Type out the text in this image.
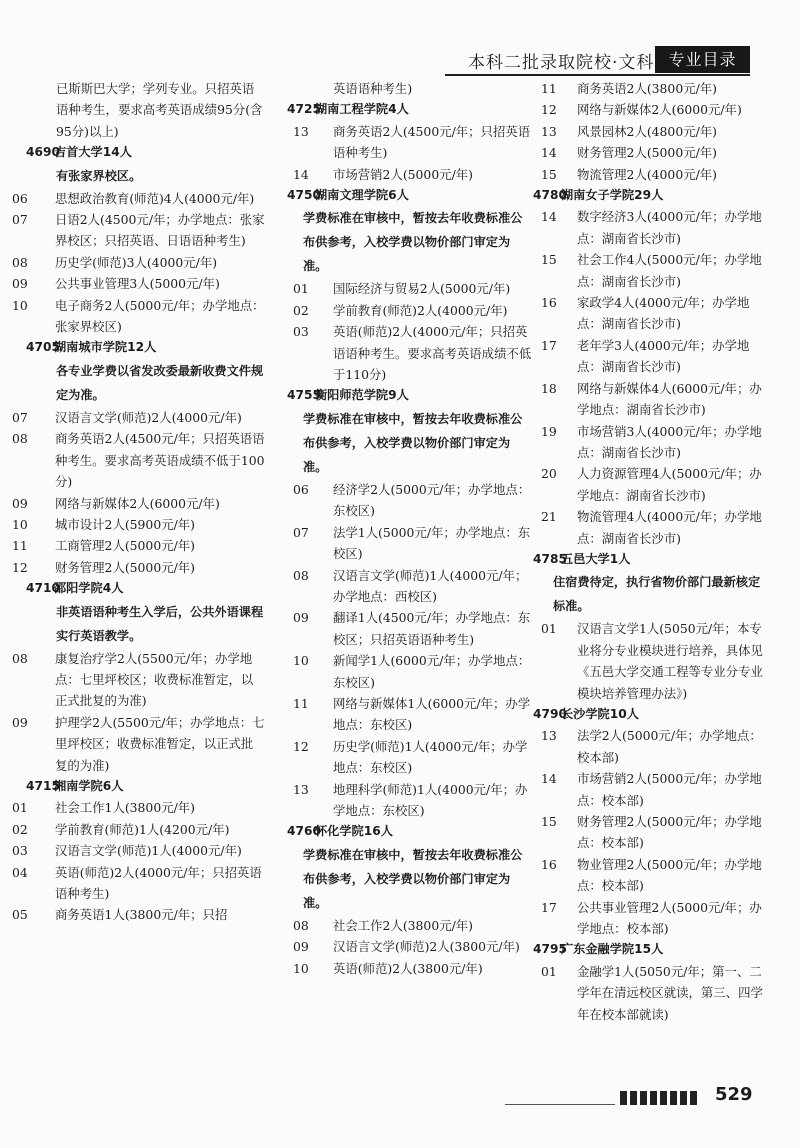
本科二批录取院校·文科 专业目录
⁣
已斯斯巴大学；学列专业。只招英语语种考生，要求高考英语成绩95分(含95分)以上)
4690
吉首大学14人
有张家界校区。
06	思想政治教育(师范)4人(4000元/年)
07	日语2人(4500元/年；办学地点：张家界校区；只招英语、日语语种考生)
08	历史学(师范)3人(4000元/年)
09	公共事业管理3人(5000元/年)
10	电子商务2人(5000元/年；办学地点：张家界校区)
4705
湖南城市学院12人
各专业学费以省发改委最新收费文件规定为准。
07	汉语言文学(师范)2人(4000元/年)
08	商务英语2人(4500元/年；只招英语语种考生。要求高考英语成绩不低于100分)
09	网络与新媒体2人(6000元/年)
10	城市设计2人(5900元/年)
11	工商管理2人(5000元/年)
12	财务管理2人(5000元/年)
4710
邵阳学院4人
非英语语种考生入学后，公共外语课程实行英语教学。
08	康复治疗学2人(5500元/年；办学地点：七里坪校区；收费标准暂定，以正式批复的为准)
09	护理学2人(5500元/年；办学地点：七里坪校区；收费标准暂定，以正式批复的为准)
4715
湘南学院6人
01	社会工作1人(3800元/年)
02	学前教育(师范)1人(4200元/年)
03	汉语言文学(师范)1人(4000元/年)
04	英语(师范)2人(4000元/年；只招英语语种考生)
05	商务英语1人(3800元/年；只招
英语语种考生)
4725
湖南工程学院4人
13	商务英语2人(4500元/年；只招英语语种考生)
14	市场营销2人(5000元/年)
4750
湖南文理学院6人
学费标准在审核中，暂按去年收费标准公布供参考，入校学费以物价部门审定为准。
01	国际经济与贸易2人(5000元/年)
02	学前教育(师范)2人(4000元/年)
03	英语(师范)2人(4000元/年；只招英语语种考生。要求高考英语成绩不低于110分)
4755
衡阳师范学院9人
学费标准在审核中，暂按去年收费标准公布供参考，入校学费以物价部门审定为准。
06	经济学2人(5000元/年；办学地点：东校区)
07	法学1人(5000元/年；办学地点：东校区)
08	汉语言文学(师范)1人(4000元/年；办学地点：西校区)
09	翻译1人(4500元/年；办学地点：东校区；只招英语语种考生)
10	新闻学1人(6000元/年；办学地点：东校区)
11	网络与新媒体1人(6000元/年；办学地点：东校区)
12	历史学(师范)1人(4000元/年；办学地点：东校区)
13	地理科学(师范)1人(4000元/年；办学地点：东校区)
4760
怀化学院16人
学费标准在审核中，暂按去年收费标准公布供参考，入校学费以物价部门审定为准。
08	社会工作2人(3800元/年)
09	汉语言文学(师范)2人(3800元/年)
10	英语(师范)2人(3800元/年)
11	商务英语2人(3800元/年)
12	网络与新媒体2人(6000元/年)
13	风景园林2人(4800元/年)
14	财务管理2人(5000元/年)
15	物流管理2人(4000元/年)
4780
湖南女子学院29人
14	数字经济3人(4000元/年；办学地点：湖南省长沙市)
15	社会工作4人(5000元/年；办学地点：湖南省长沙市)
16	家政学4人(4000元/年；办学地点：湖南省长沙市)
17	老年学3人(4000元/年；办学地点：湖南省长沙市)
18	网络与新媒体4人(6000元/年；办学地点：湖南省长沙市)
19	市场营销3人(4000元/年；办学地点：湖南省长沙市)
20	人力资源管理4人(5000元/年；办学地点：湖南省长沙市)
21	物流管理4人(4000元/年；办学地点：湖南省长沙市)
4785
五邑大学1人
住宿费待定，执行省物价部门最新核定标准。
01	汉语言文学1人(5050元/年；本专业将分专业模块进行培养，具体见《五邑大学交通工程等专业分专业模块培养管理办法》)
4790
长沙学院10人
13	法学2人(5000元/年；办学地点：校本部)
14	市场营销2人(5000元/年；办学地点：校本部)
15	财务管理2人(5000元/年；办学地点：校本部)
16	物业管理2人(5000元/年；办学地点：校本部)
17	公共事业管理2人(5000元/年；办学地点：校本部)
4795
广东金融学院15人
01	金融学1人(5050元/年；第一、二学年在清远校区就读，第三、四学年在校本部就读)
529
